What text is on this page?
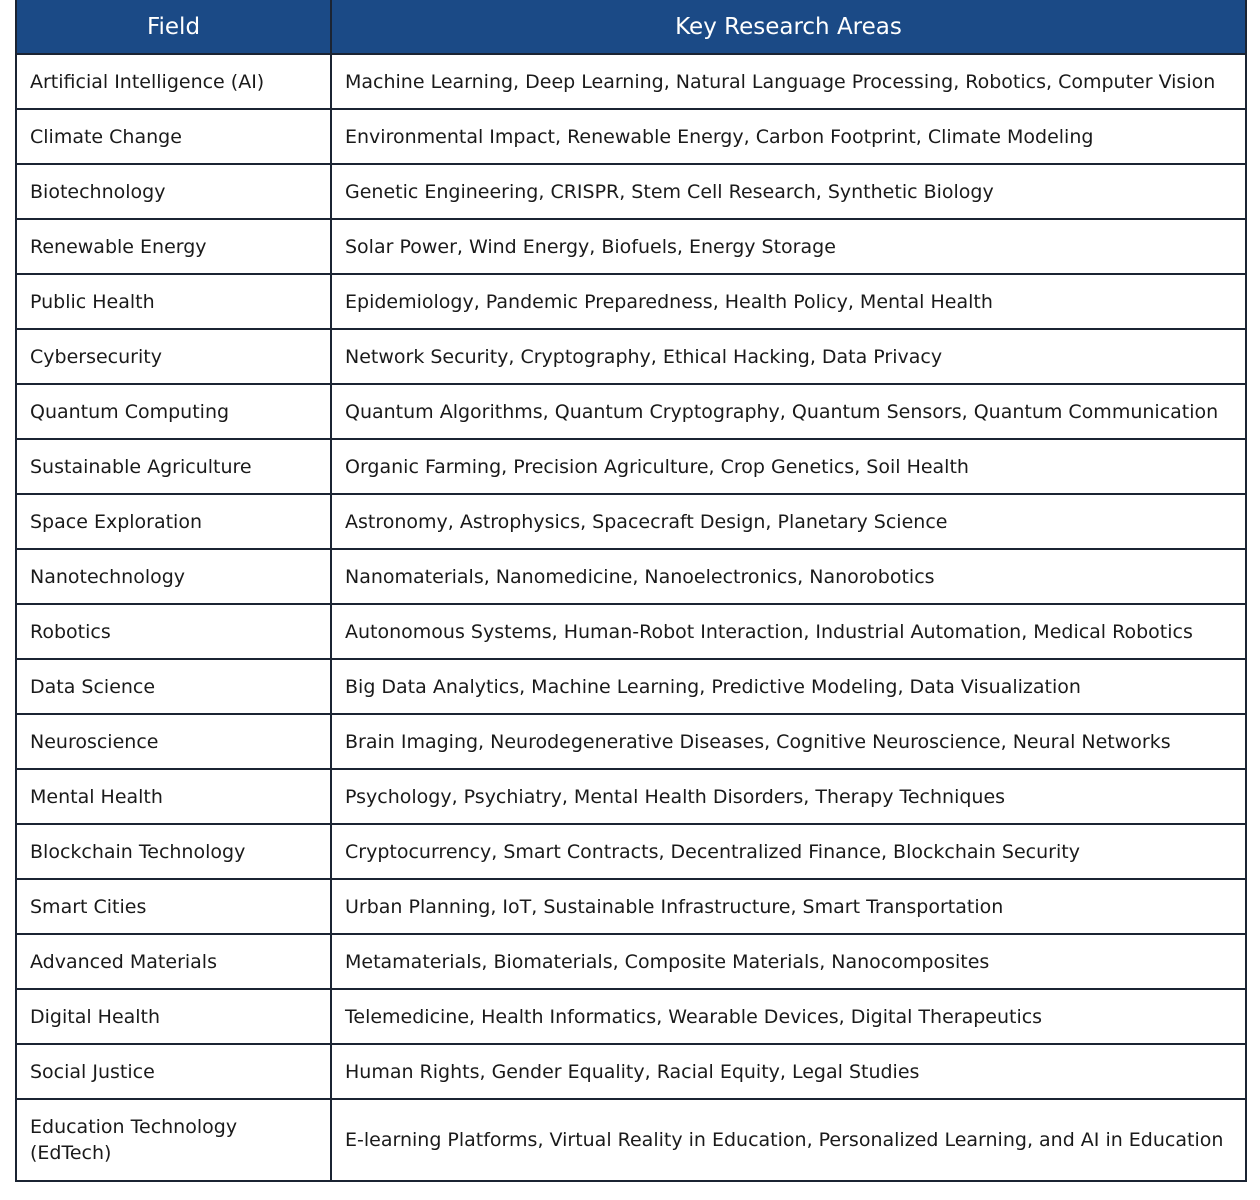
Field	Key Research Areas
Artificial Intelligence (AI)	Machine Learning, Deep Learning, Natural Language Processing, Robotics, Computer Vision
Climate Change	Environmental Impact, Renewable Energy, Carbon Footprint, Climate Modeling
Biotechnology	Genetic Engineering, CRISPR, Stem Cell Research, Synthetic Biology
Renewable Energy	Solar Power, Wind Energy, Biofuels, Energy Storage
Public Health	Epidemiology, Pandemic Preparedness, Health Policy, Mental Health
Cybersecurity	Network Security, Cryptography, Ethical Hacking, Data Privacy
Quantum Computing	Quantum Algorithms, Quantum Cryptography, Quantum Sensors, Quantum Communication
Sustainable Agriculture	Organic Farming, Precision Agriculture, Crop Genetics, Soil Health
Space Exploration	Astronomy, Astrophysics, Spacecraft Design, Planetary Science
Nanotechnology	Nanomaterials, Nanomedicine, Nanoelectronics, Nanorobotics
Robotics	Autonomous Systems, Human-Robot Interaction, Industrial Automation, Medical Robotics
Data Science	Big Data Analytics, Machine Learning, Predictive Modeling, Data Visualization
Neuroscience	Brain Imaging, Neurodegenerative Diseases, Cognitive Neuroscience, Neural Networks
Mental Health	Psychology, Psychiatry, Mental Health Disorders, Therapy Techniques
Blockchain Technology	Cryptocurrency, Smart Contracts, Decentralized Finance, Blockchain Security
Smart Cities	Urban Planning, IoT, Sustainable Infrastructure, Smart Transportation
Advanced Materials	Metamaterials, Biomaterials, Composite Materials, Nanocomposites
Digital Health	Telemedicine, Health Informatics, Wearable Devices, Digital Therapeutics
Social Justice	Human Rights, Gender Equality, Racial Equity, Legal Studies
Education Technology (EdTech)	E-learning Platforms, Virtual Reality in Education, Personalized Learning, and AI in Education
